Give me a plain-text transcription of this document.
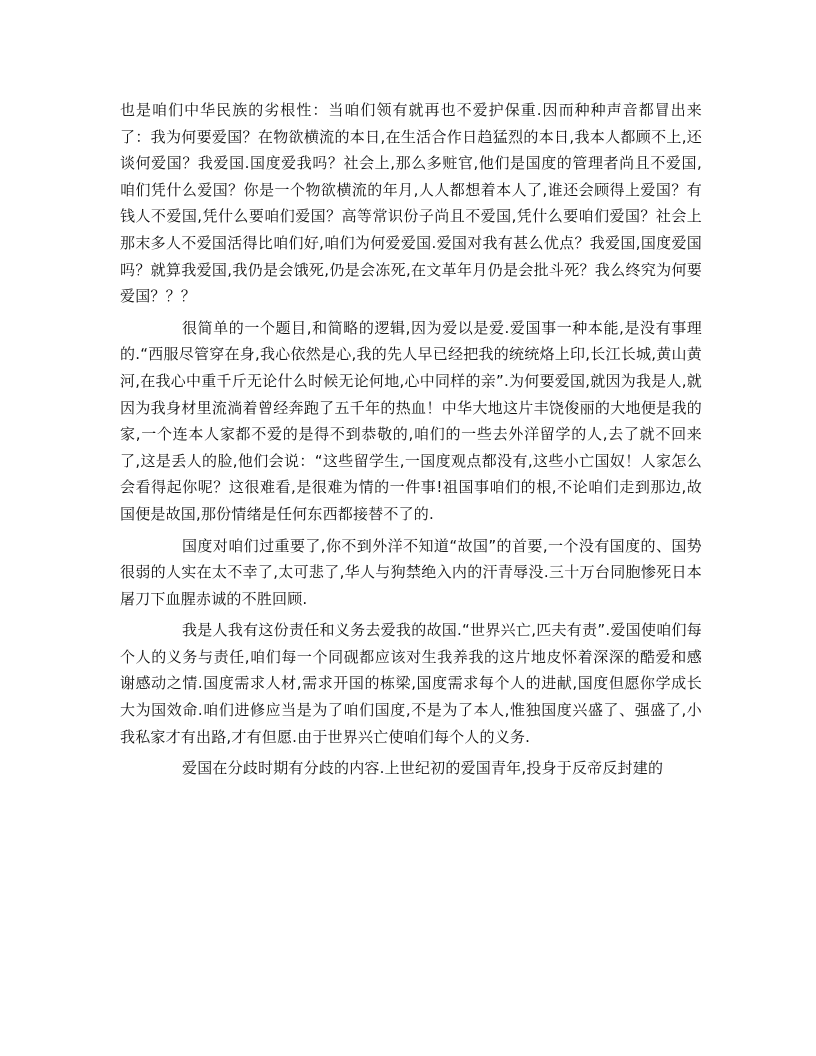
也是咱们中华民族的劣根性：当咱们领有就再也不爱护保重.因而种种声音都冒出来了：我为何要爱国？在物欲横流的本日,在生活合作日趋猛烈的本日,我本人都顾不上,还谈何爱国？我爱国.国度爱我吗？社会上,那么多赃官,他们是国度的管理者尚且不爱国,咱们凭什么爱国？你是一个物欲横流的年月,人人都想着本人了,谁还会顾得上爱国？有钱人不爱国,凭什么要咱们爱国？高等常识份子尚且不爱国,凭什么要咱们爱国？社会上那末多人不爱国活得比咱们好,咱们为何爱爱国.爱国对我有甚么优点？我爱国,国度爱国吗？就算我爱国,我仍是会饿死,仍是会冻死,在文革年月仍是会批斗死？我么终究为何要爱国？？？

很简单的一个题目,和简略的逻辑,因为爱以是爱.爱国事一种本能,是没有事理的.“西服尽管穿在身,我心依然是心,我的先人早已经把我的统统烙上印,长江长城,黄山黄河,在我心中重千斤无论什么时候无论何地,心中同样的亲”.为何要爱国,就因为我是人,就因为我身材里流淌着曾经奔跑了五千年的热血！中华大地这片丰饶俊丽的大地便是我的家,一个连本人家都不爱的是得不到恭敬的,咱们的一些去外洋留学的人,去了就不回来了,这是丢人的脸,他们会说：“这些留学生,一国度观点都没有,这些小亡国奴！人家怎么会看得起你呢？这很难看,是很难为情的一件事!祖国事咱们的根,不论咱们走到那边,故国便是故国,那份情绪是任何东西都接替不了的.

国度对咱们过重要了,你不到外洋不知道“故国”的首要,一个没有国度的、国势很弱的人实在太不幸了,太可悲了,华人与狗禁绝入内的汗青辱没.三十万台同胞惨死日本屠刀下血腥赤诚的不胜回顾.

我是人我有这份责任和义务去爱我的故国.“世界兴亡,匹夫有责”.爱国使咱们每个人的义务与责任,咱们每一个同砚都应该对生我养我的这片地皮怀着深深的酷爱和感谢感动之情.国度需求人材,需求开国的栋梁,国度需求每个人的进献,国度但愿你学成长大为国效命.咱们进修应当是为了咱们国度,不是为了本人,惟独国度兴盛了、强盛了,小我私家才有出路,才有但愿.由于世界兴亡使咱们每个人的义务.

爱国在分歧时期有分歧的内容.上世纪初的爱国青年,投身于反帝反封建的
